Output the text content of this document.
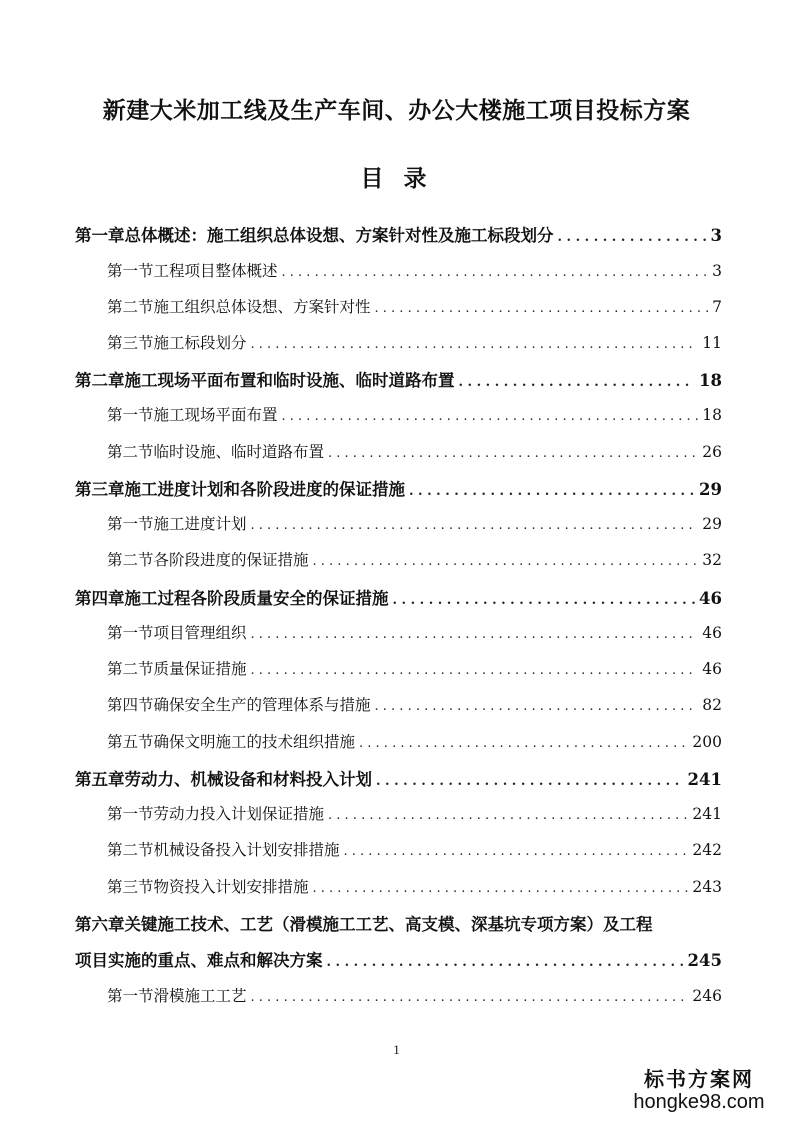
新建大米加工线及生产车间、办公大楼施工项目投标方案
目 录
第一章总体概述：施工组织总体设想、方案针对性及施工标段划分 . . .	3
第一节工程项目整体概述 . . .	3
第二节施工组织总体设想、方案针对性 . . .	7
第三节施工标段划分 . . .	11
第二章施工现场平面布置和临时设施、临时道路布置 . . .	18
第一节施工现场平面布置 . . .	18
第二节临时设施、临时道路布置 . . .	26
第三章施工进度计划和各阶段进度的保证措施 . . .	29
第一节施工进度计划 . . .	29
第二节各阶段进度的保证措施 . . .	32
第四章施工过程各阶段质量安全的保证措施 . . .	46
第一节项目管理组织 . . .	46
第二节质量保证措施 . . .	46
第四节确保安全生产的管理体系与措施 . . .	82
第五节确保文明施工的技术组织措施 . . .	200
第五章劳动力、机械设备和材料投入计划 . . .	241
第一节劳动力投入计划保证措施 . . .	241
第二节机械设备投入计划安排措施 . . .	242
第三节物资投入计划安排措施 . . .	243
第六章关键施工技术、工艺（滑模施工工艺、高支模、深基坑专项方案）及工程
项目实施的重点、难点和解决方案 . . .	245
第一节滑模施工工艺 . . .	246
1
标书方案网
hongke98.com
